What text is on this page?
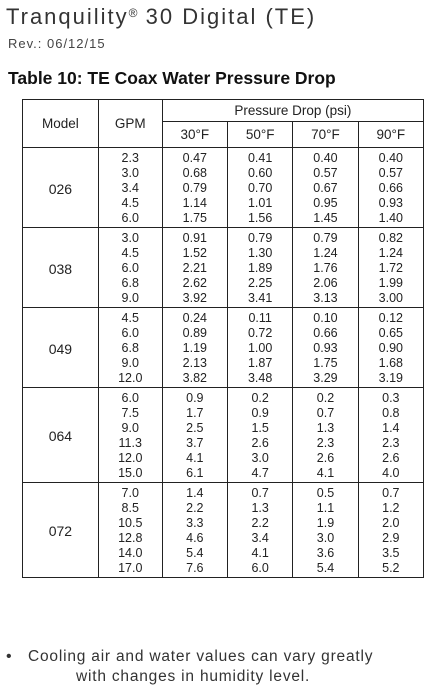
Tranquility® 30 Digital (TE)
Rev.: 06/12/15
Table 10: TE Coax Water Pressure Drop
Model	GPM	Pressure Drop (psi)			
		30°F	50°F	70°F	90°F
026	2.3	0.47	0.41	0.40	0.40
	3.0	0.68	0.60	0.57	0.57
	3.4	0.79	0.70	0.67	0.66
	4.5	1.14	1.01	0.95	0.93
	6.0	1.75	1.56	1.45	1.40
038	3.0	0.91	0.79	0.79	0.82
	4.5	1.52	1.30	1.24	1.24
	6.0	2.21	1.89	1.76	1.72
	6.8	2.62	2.25	2.06	1.99
	9.0	3.92	3.41	3.13	3.00
049	4.5	0.24	0.11	0.10	0.12
	6.0	0.89	0.72	0.66	0.65
	6.8	1.19	1.00	0.93	0.90
	9.0	2.13	1.87	1.75	1.68
	12.0	3.82	3.48	3.29	3.19
064	6.0	0.9	0.2	0.2	0.3
	7.5	1.7	0.9	0.7	0.8
	9.0	2.5	1.5	1.3	1.4
	11.3	3.7	2.6	2.3	2.3
	12.0	4.1	3.0	2.6	2.6
	15.0	6.1	4.7	4.1	4.0
072	7.0	1.4	0.7	0.5	0.7
	8.5	2.2	1.3	1.1	1.2
	10.5	3.3	2.2	1.9	2.0
	12.8	4.6	3.4	3.0	2.9
	14.0	5.4	4.1	3.6	3.5
	17.0	7.6	6.0	5.4	5.2
• Cooling air and water values can vary greatly
with changes in humidity level.
